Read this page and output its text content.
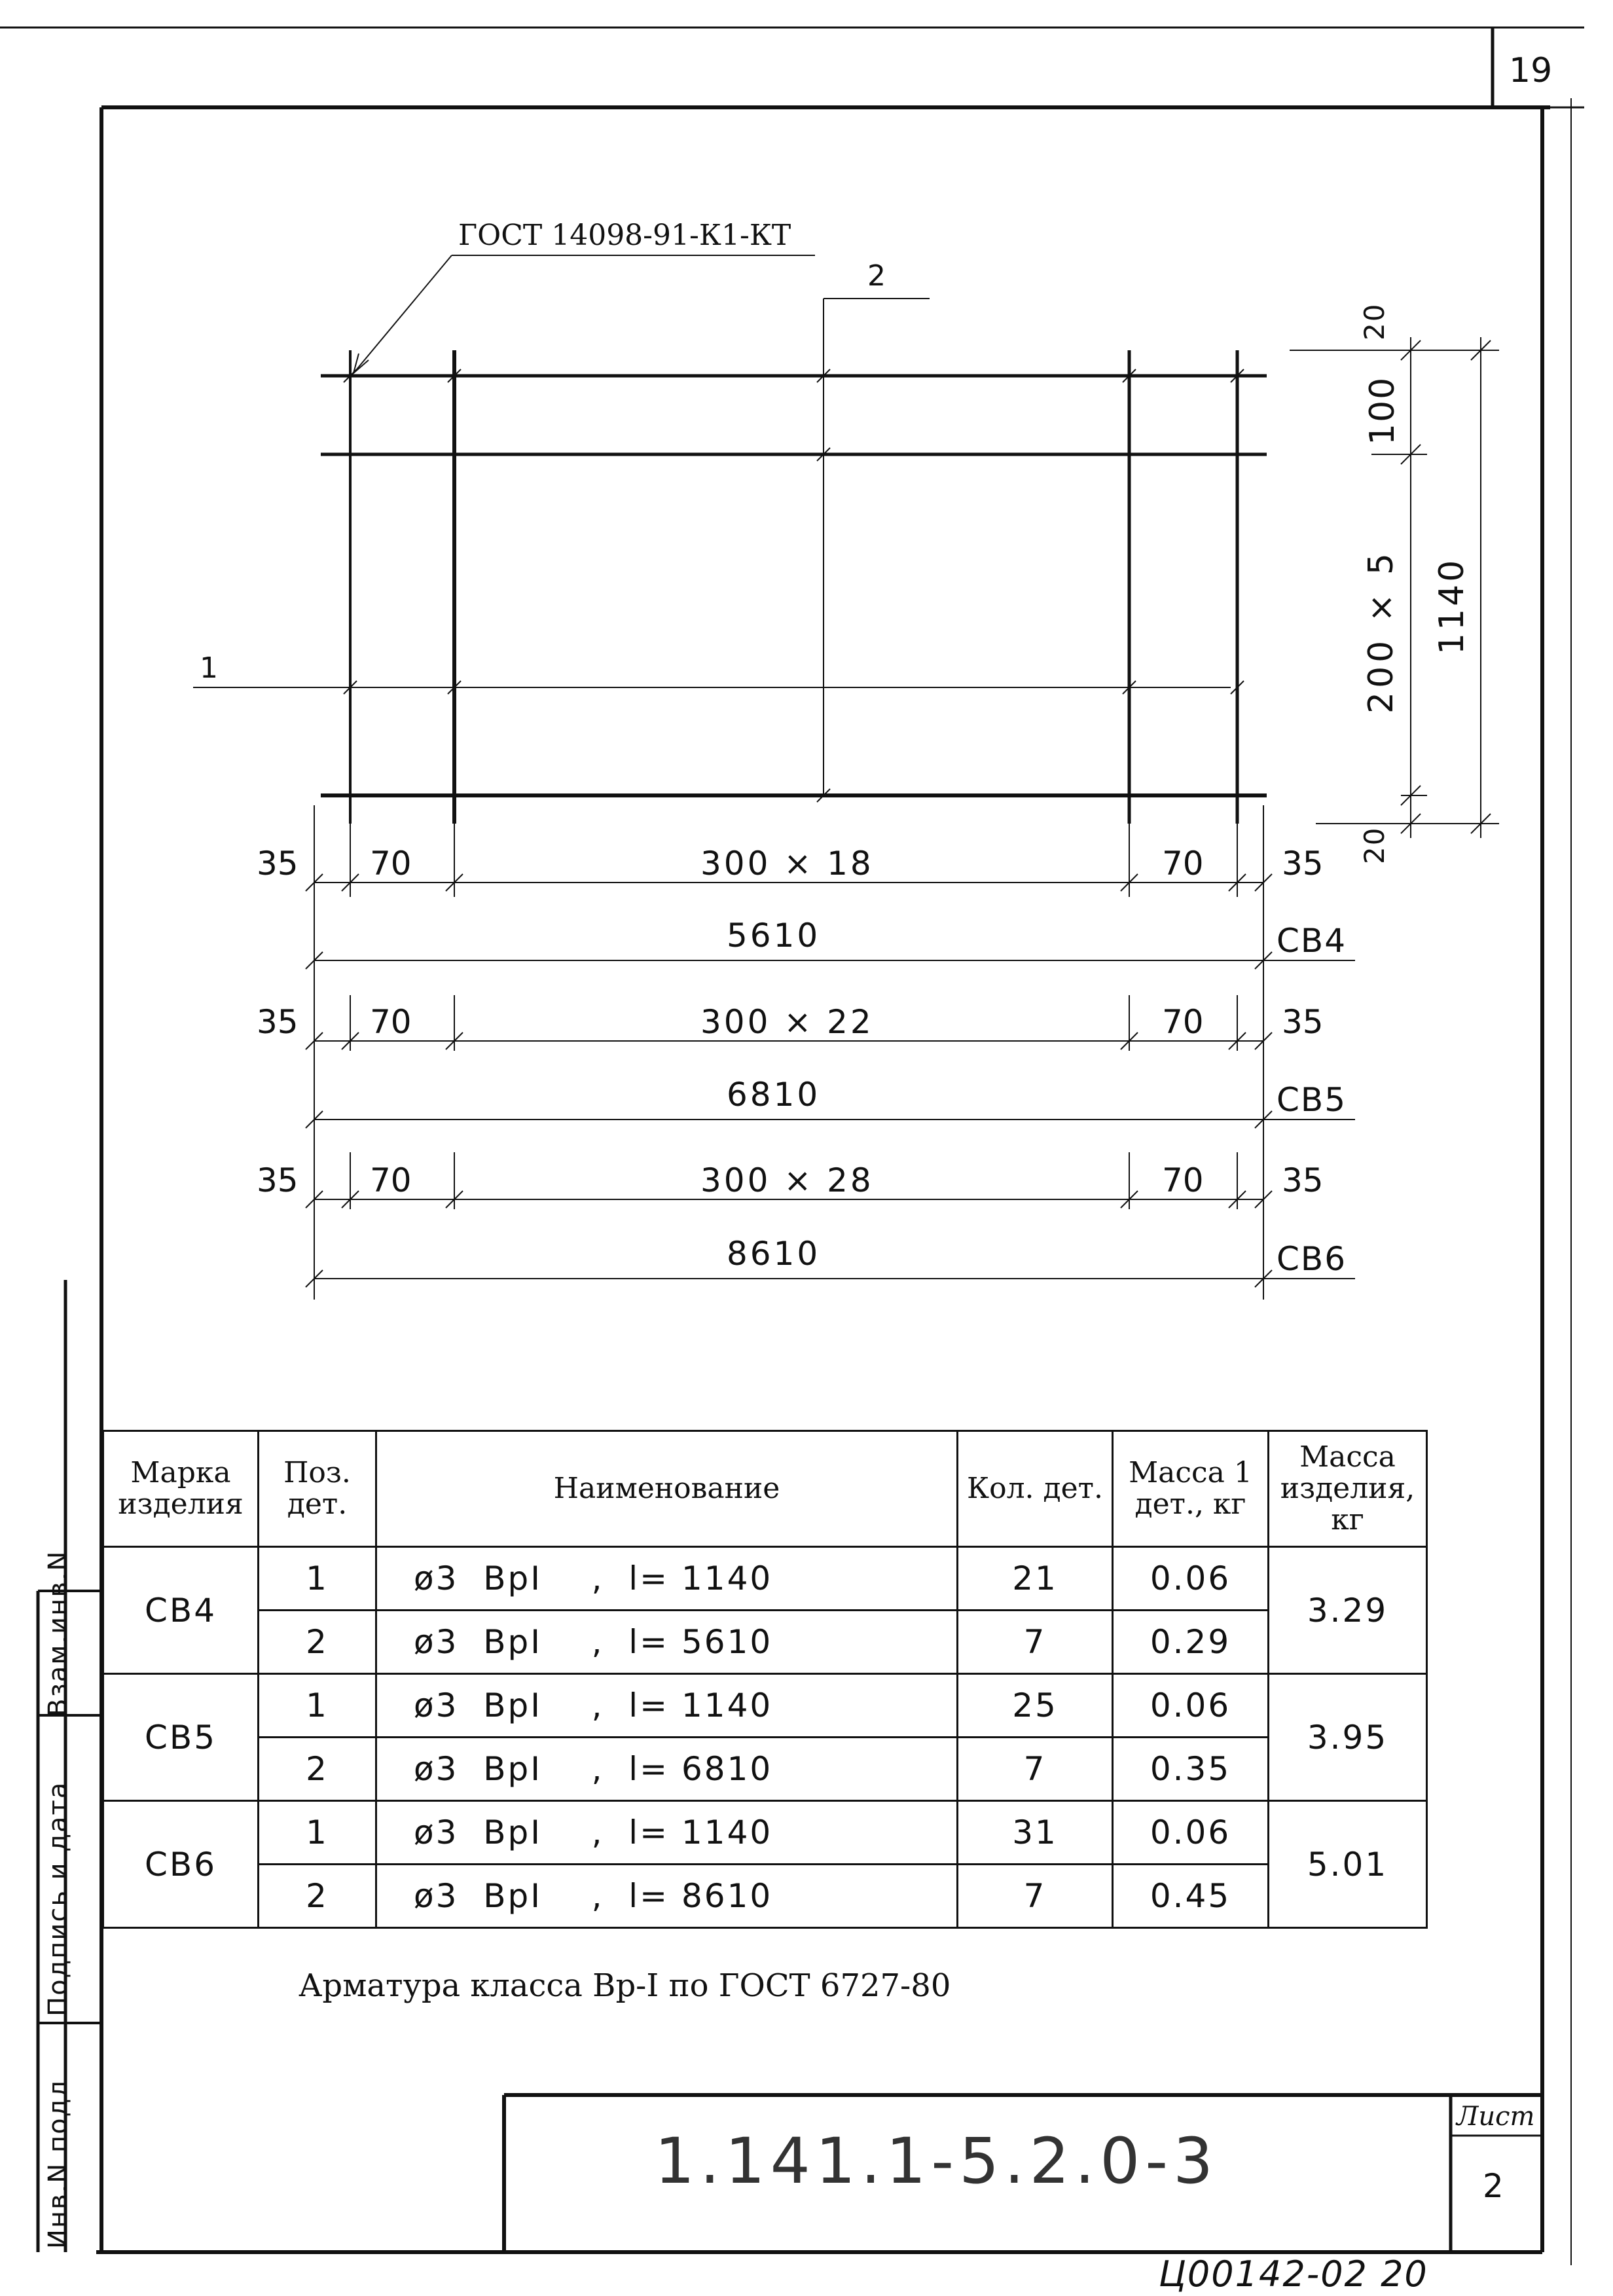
19
ГОСТ 14098-91-К1-КТ
2
1
20
100
200 × 5 1140
20
35 70	300 × 18	70 35
5610	СВ4
35 70	300 × 22	70 35
6810	СВ5
35 70	300 × 28	70 35
8610	СВ6
Марка изделия	Поз. дет.	Наименование	Кол. дет.	Масса 1 дет., кг	Масса изделия, кг
СВ4	1	ø3 ВрI , l= 1140	21	0.06	3.29
	2	ø3 ВрI , l= 5610	7	0.29	
СВ5	1	ø3 ВрI , l= 1140	25	0.06	3.95
	2	ø3 ВрI , l= 6810	7	0.35	
СВ6	1	ø3 ВрI , l= 1140	31	0.06	5.01
	2	ø3 ВрI , l= 8610	7	0.45	
Арматура класса Вр-I по ГОСТ 6727-80
Взам.инв.N
Подпись и дата
Инв.N подл	1.141.1-5.2.0-3
Лист
2
Ц00142-02 20
